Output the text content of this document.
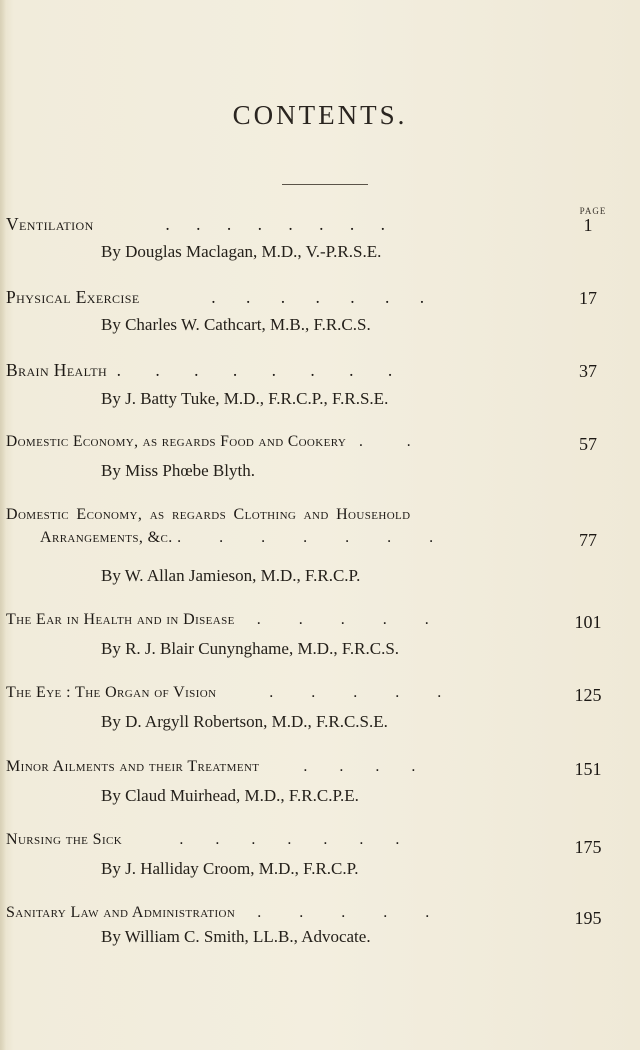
CONTENTS.
PAGE
Ventilation	. . . . . . . .	1
By Douglas Maclagan, M.D., V.-P.R.S.E.
Physical Exercise	. . . . . . .	17
By Charles W. Cathcart, M.B., F.R.C.S.
Brain Health . . . . . . . .	37
By J. Batty Tuke, M.D., F.R.C.P., F.R.S.E.
Domestic Economy, as regards Food and Cookery . .	57
By Miss Phœbe Blyth.
Domestic Economy, as regards Clothing and Household
Arrangements, &c. . . . . . . .	77
By W. Allan Jamieson, M.D., F.R.C.P.
The Ear in Health and in Disease . . . . .	101
By R. J. Blair Cunynghame, M.D., F.R.C.S.
The Eye : The Organ of Vision	. . . . .	125
By D. Argyll Robertson, M.D., F.R.C.S.E.
Minor Ailments and their Treatment	. . . .	151
By Claud Muirhead, M.D., F.R.C.P.E.
Nursing the Sick	. . . . . . .	175
By J. Halliday Croom, M.D., F.R.C.P.
Sanitary Law and Administration . . . . .	195
By William C. Smith, LL.B., Advocate.
